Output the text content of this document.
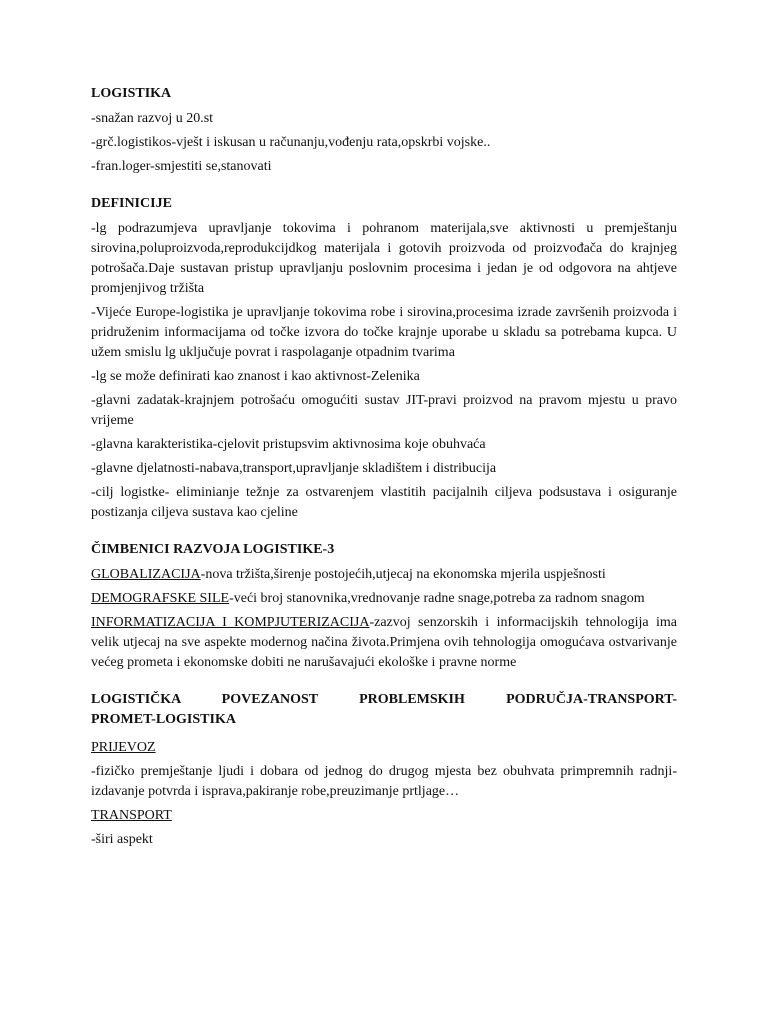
LOGISTIKA
-snažan razvoj u 20.st
-grč.logistikos-vješt i iskusan u računanju,vođenju rata,opskrbi vojske..
-fran.loger-smjestiti se,stanovati
DEFINICIJE
-lg podrazumjeva upravljanje tokovima i pohranom materijala,sve aktivnosti u premještanju sirovina,poluproizvoda,reprodukcijdkog materijala i gotovih proizvoda od proizvođača do krajnjeg potrošača.Daje sustavan pristup upravljanju poslovnim procesima i jedan je od odgovora na ahtjeve promjenjivog tržišta
-Vijeće Europe-logistika je upravljanje tokovima robe i sirovina,procesima izrade završenih proizvoda i pridruženim informacijama od točke izvora do točke krajnje uporabe u skladu sa potrebama kupca. U užem smislu lg uključuje povrat i raspolaganje otpadnim tvarima
-lg se može definirati kao znanost i kao aktivnost-Zelenika
-glavni zadatak-krajnjem potrošaću omogućiti sustav JIT-pravi proizvod na pravom mjestu u pravo vrijeme
-glavna karakteristika-cjelovit pristupsvim aktivnosima koje obuhvaća
-glavne djelatnosti-nabava,transport,upravljanje skladištem i distribucija
-cilj logistke- eliminianje težnje za ostvarenjem vlastitih pacijalnih ciljeva podsustava i osiguranje postizanja ciljeva sustava kao cjeline
ČIMBENICI RAZVOJA LOGISTIKE-3
GLOBALIZACIJA-nova tržišta,širenje postojećih,utjecaj na ekonomska mjerila uspješnosti
DEMOGRAFSKE SILE-veći broj stanovnika,vrednovanje radne snage,potreba za radnom snagom
INFORMATIZACIJA I KOMPJUTERIZACIJA-zazvoj senzorskih i informacijskih tehnologija ima velik utjecaj na sve aspekte modernog načina života.Primjena ovih tehnologija omogućava ostvarivanje većeg prometa i ekonomske dobiti ne narušavajući ekološke i pravne norme
LOGISTIČKA POVEZANOST PROBLEMSKIH PODRUČJA-TRANSPORT-
PROMET-LOGISTIKA
PRIJEVOZ
-fizičko premještanje ljudi i dobara od jednog do drugog mjesta bez obuhvata primpremnih radnji-izdavanje potvrda i isprava,pakiranje robe,preuzimanje prtljage…
TRANSPORT
-širi aspekt
